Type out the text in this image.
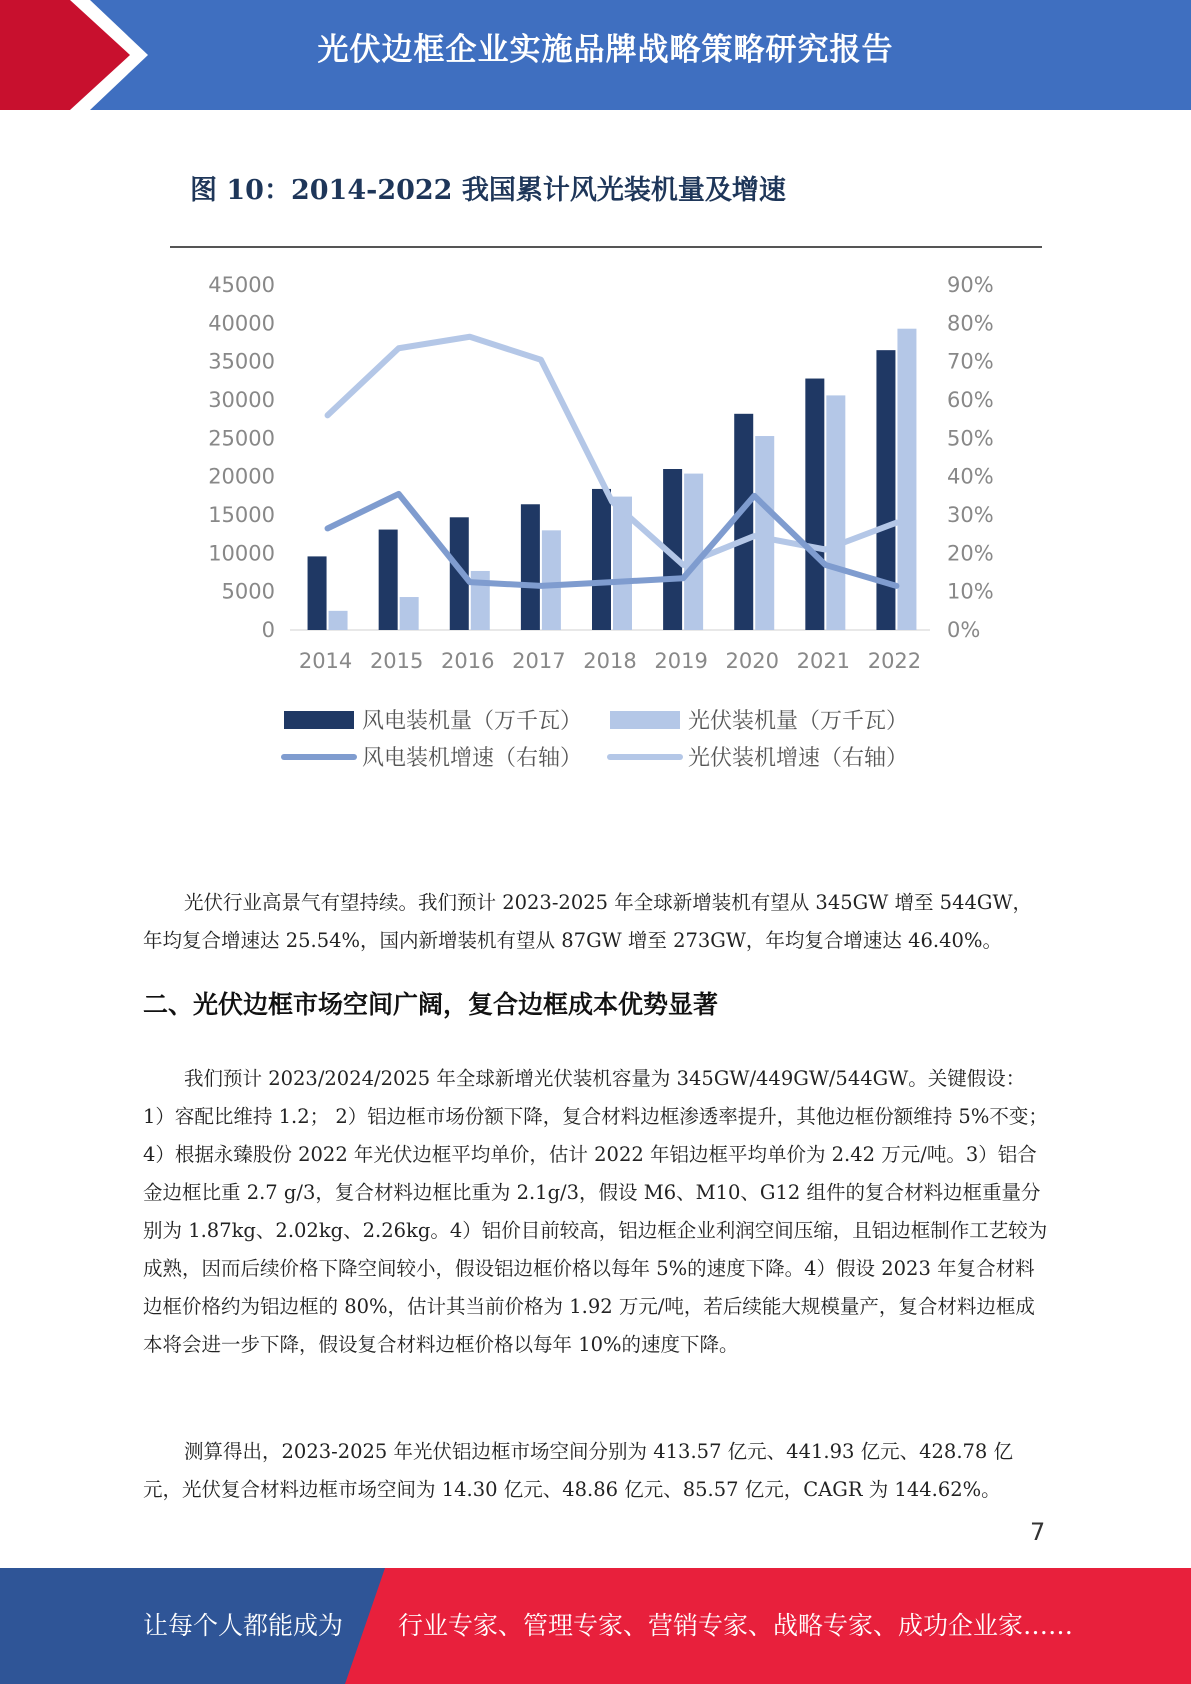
光伏边框企业实施品牌战略策略研究报告
图 10：2014-2022 我国累计风光装机量及增速
45000
40000
35000
30000
25000
20000
15000
10000
5000
0
90%
80%
70%
60%
50%
40%
30%
20%
10%
0%
2014 2015 2016 2017 2018 2019 2020 2021 2022
风电装机量（万千瓦）	光伏装机量（万千瓦）
风电装机增速（右轴）	光伏装机增速（右轴）

光伏行业高景气有望持续。我们预计 2023-2025 年全球新增装机有望从 345GW 增至 544GW，年均复合增速达 25.54%，国内新增装机有望从 87GW 增至 273GW，年均复合增速达 46.40%。

二、光伏边框市场空间广阔，复合边框成本优势显著

我们预计 2023/2024/2025 年全球新增光伏装机容量为 345GW/449GW/544GW。关键假设： 1）容配比维持 1.2； 2）铝边框市场份额下降，复合材料边框渗透率提升，其他边框份额维持 5%不变；4）根据永臻股份 2022 年光伏边框平均单价，估计 2022 年铝边框平均单价为 2.42 万元/吨。3）铝合金边框比重 2.7 g/3，复合材料边框比重为 2.1g/3，假设 M6、M10、G12 组件的复合材料边框重量分别为 1.87kg、2.02kg、2.26kg。4）铝价目前较高，铝边框企业利润空间压缩，且铝边框制作工艺较为成熟，因而后续价格下降空间较小，假设铝边框价格以每年 5%的速度下降。4）假设 2023 年复合材料边框价格约为铝边框的 80%，估计其当前价格为 1.92 万元/吨，若后续能大规模量产，复合材料边框成本将会进一步下降，假设复合材料边框价格以每年 10%的速度下降。

测算得出，2023-2025 年光伏铝边框市场空间分别为 413.57 亿元、441.93 亿元、428.78 亿元，光伏复合材料边框市场空间为 14.30 亿元、48.86 亿元、85.57 亿元，CAGR 为 144.62%。

7
让每个人都能成为 行业专家、管理专家、营销专家、战略专家、成功企业家……
